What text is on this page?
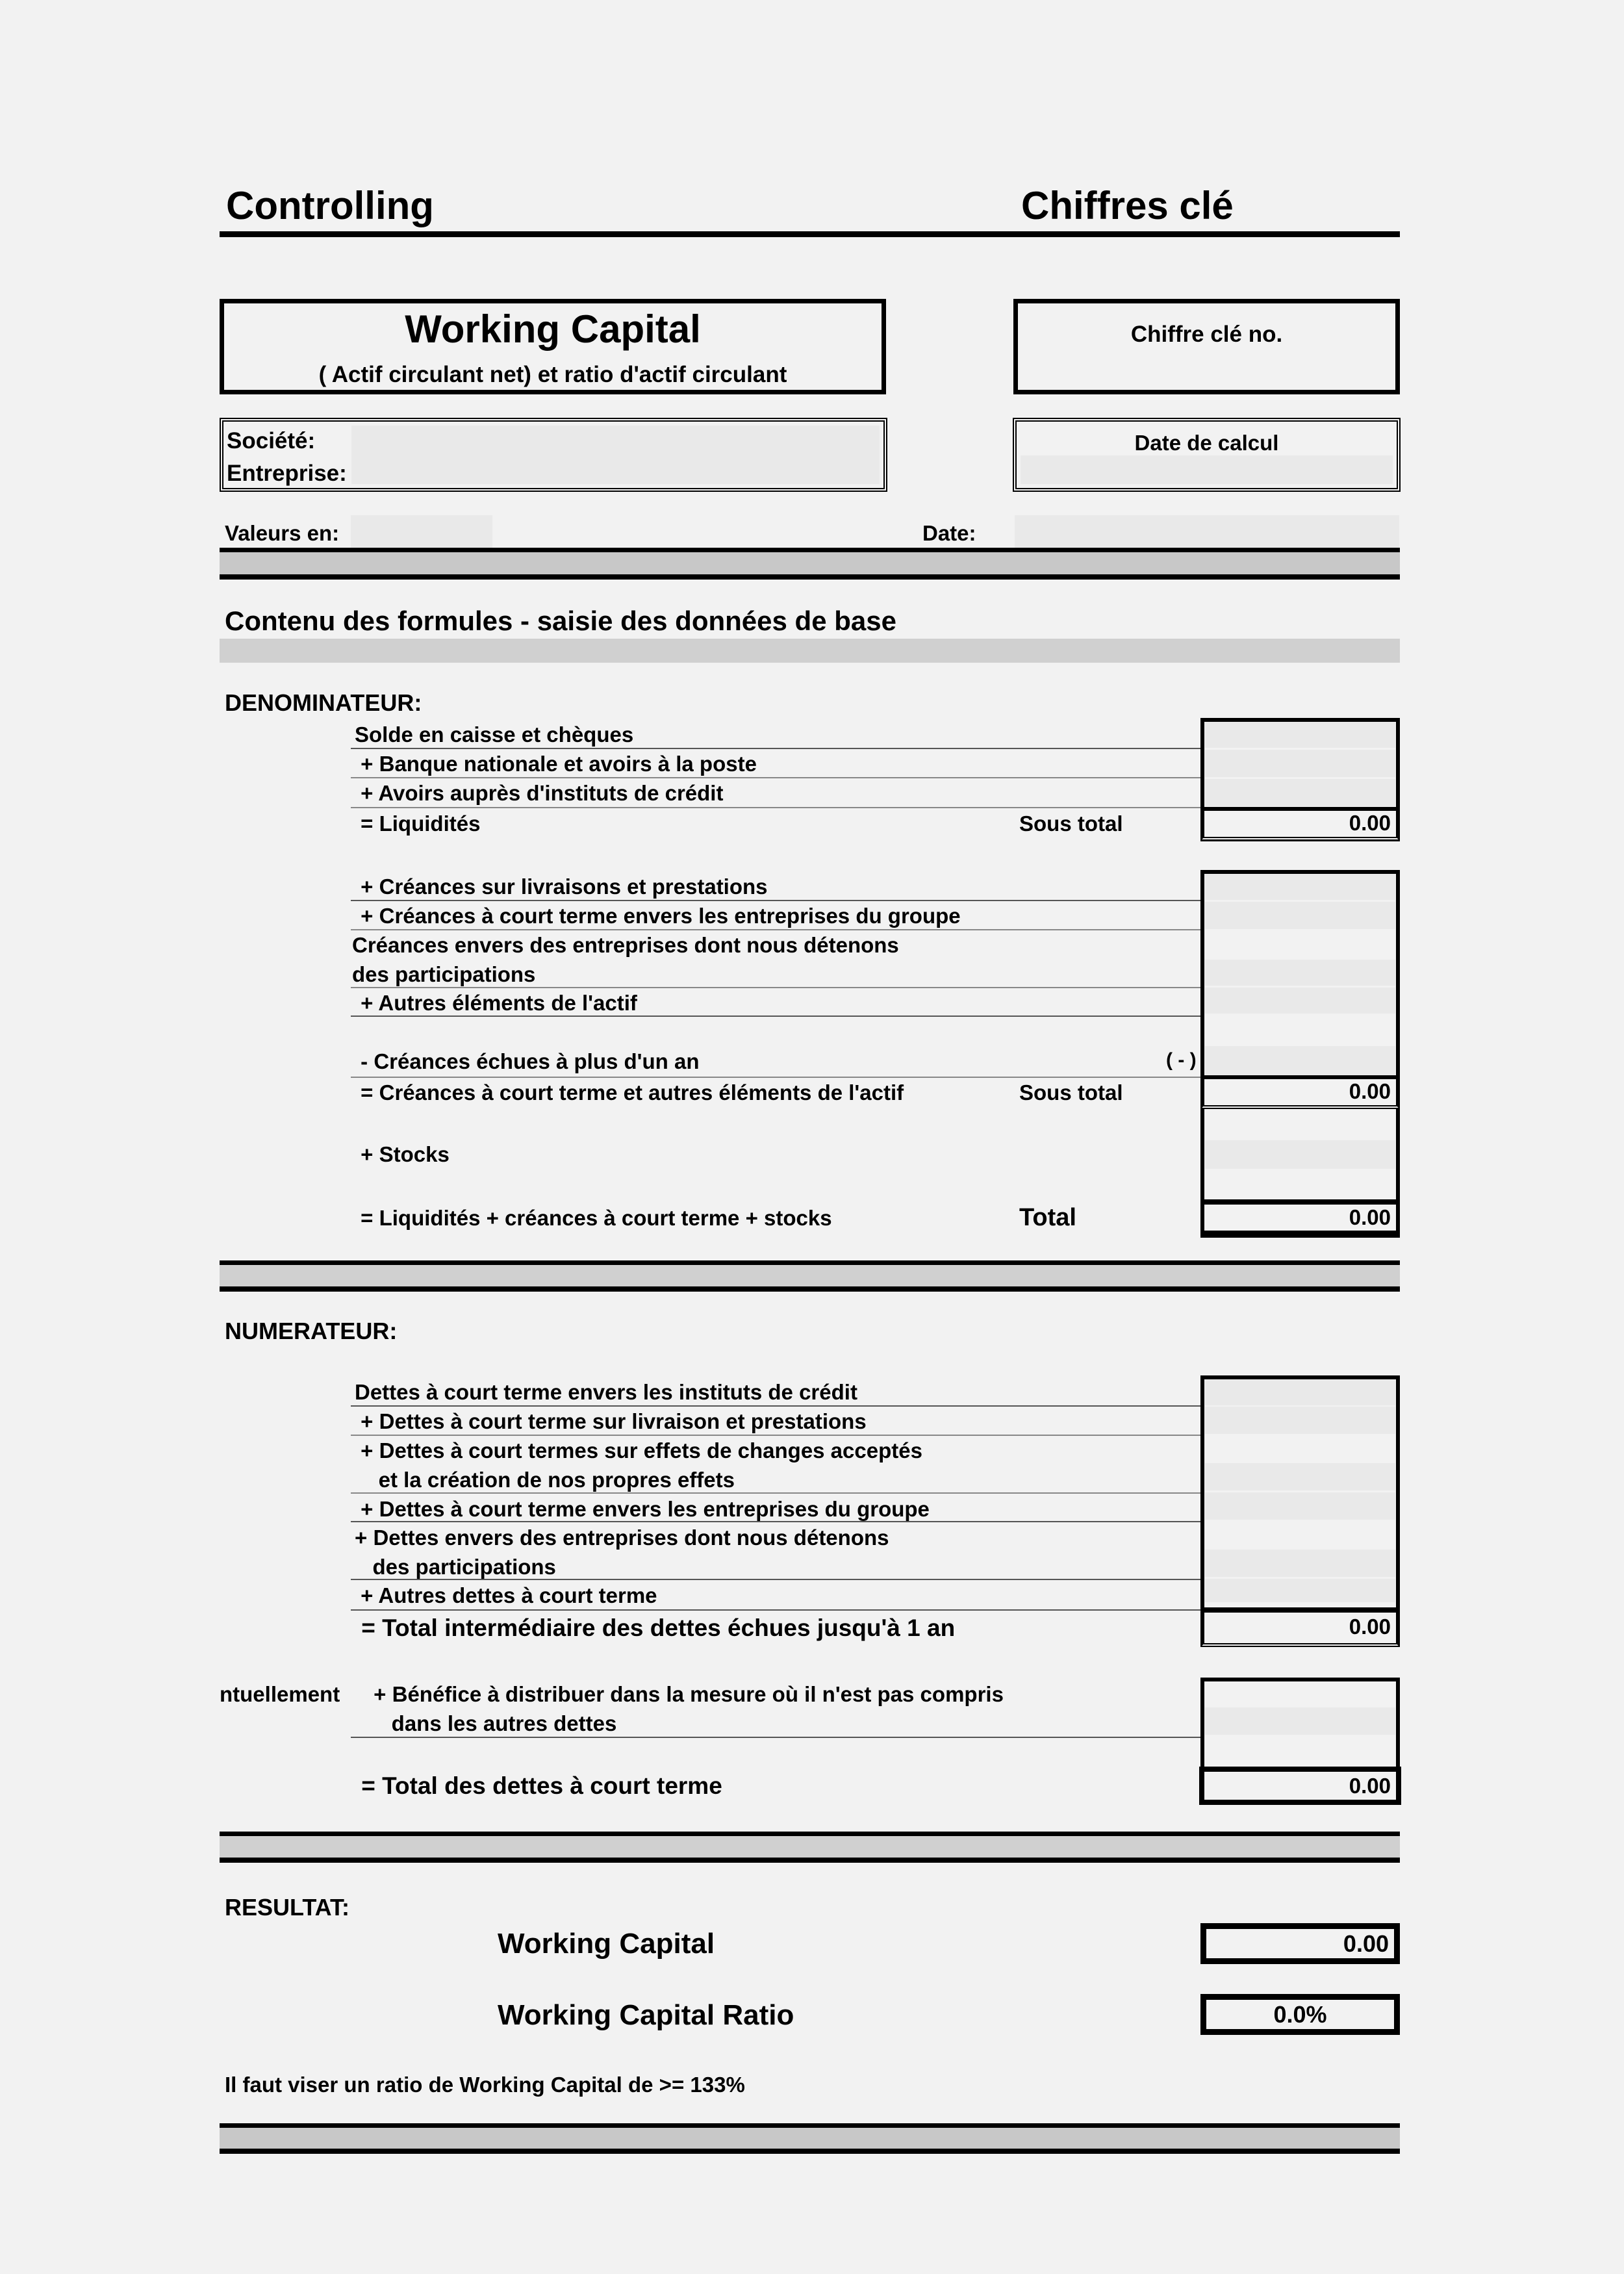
Controlling	Chiffres clé
Working Capital
( Actif circulant net) et ratio d'actif circulant
Chiffre clé no.
Société:
Entreprise:
Date de calcul
Valeurs en:	Date:
Contenu des formules - saisie des données de base
DENOMINATEUR:
Solde en caisse et chèques
+ Banque nationale et avoirs à la poste
+ Avoirs auprès d'instituts de crédit
= Liquidités	Sous total	0.00
+ Créances sur livraisons et prestations
+ Créances à court terme envers les entreprises du groupe
Créances envers des entreprises dont nous détenons
des participations
+ Autres éléments de l'actif
- Créances échues à plus d'un an	( - )
= Créances à court terme et autres éléments de l'actif	Sous total	0.00
+ Stocks
= Liquidités + créances à court terme + stocks	Total	0.00
NUMERATEUR:
Dettes à court terme envers les instituts de crédit
+ Dettes à court terme sur livraison et prestations
+ Dettes à court termes sur effets de changes acceptés
et la création de nos propres effets
+ Dettes à court terme envers les entreprises du groupe
+ Dettes envers des entreprises dont nous détenons
des participations
+ Autres dettes à court terme
= Total intermédiaire des dettes échues jusqu'à 1 an	0.00
ntuellement + Bénéfice à distribuer dans la mesure où il n'est pas compris
dans les autres dettes
= Total des dettes à court terme	0.00
RESULTAT:
Working Capital	0.00
Working Capital Ratio	0.0%
Il faut viser un ratio de Working Capital de >= 133%
